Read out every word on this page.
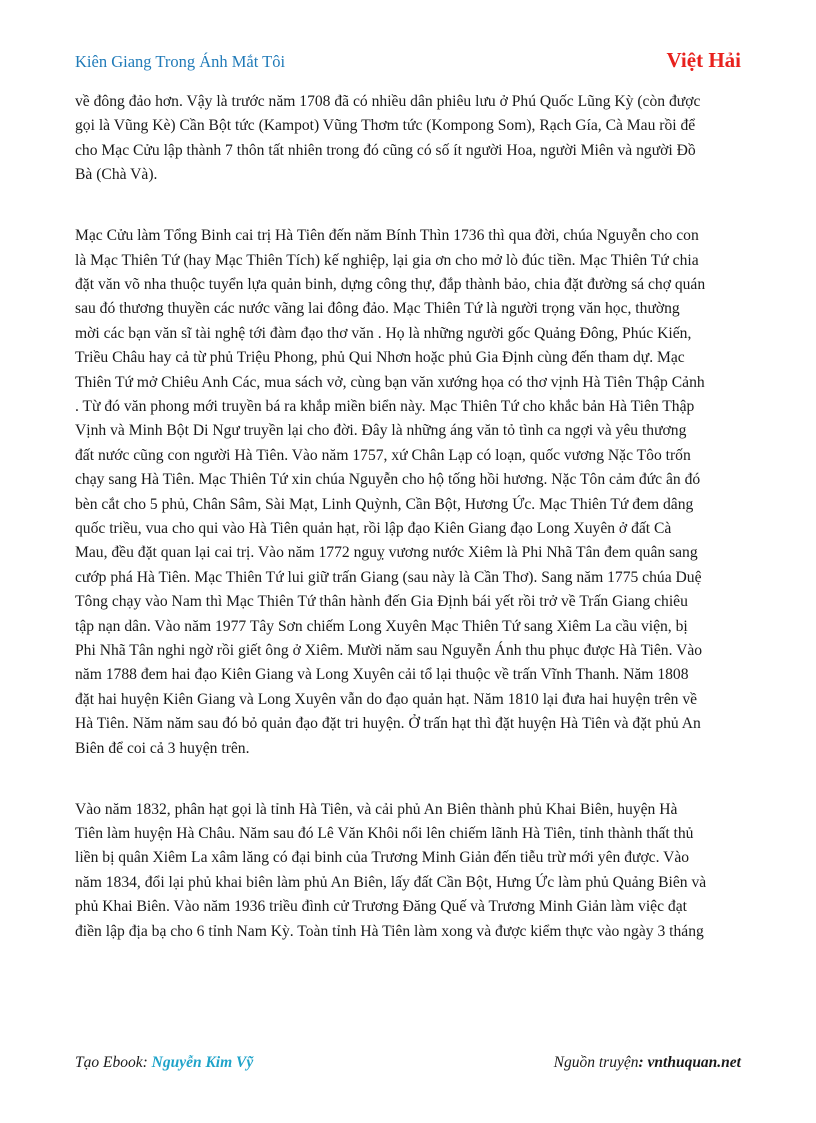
Kiên Giang Trong Ánh Mắt Tôi	Việt Hải

về đông đảo hơn. Vậy là trước năm 1708 đã có nhiều dân phiêu lưu ở Phú Quốc Lũng Kỳ (còn được
gọi là Vũng Kè) Cần Bột tức (Kampot) Vũng Thơm tức (Kompong Som), Rạch Gía, Cà Mau rồi để
cho Mạc Cửu lập thành 7 thôn tất nhiên trong đó cũng có số ít người Hoa, người Miên và người Đồ
Bà (Chà Và).

Mạc Cửu làm Tổng Binh cai trị Hà Tiên đến năm Bính Thìn 1736 thì qua đời, chúa Nguyễn cho con
là Mạc Thiên Tứ (hay Mạc Thiên Tích) kế nghiệp, lại gia ơn cho mở lò đúc tiền. Mạc Thiên Tứ chia
đặt văn võ nha thuộc tuyển lựa quản binh, dựng công thự, đắp thành bảo, chia đặt đường sá chợ quán
sau đó thương thuyền các nước vãng lai đông đảo. Mạc Thiên Tứ là người trọng văn học, thường
mời các bạn văn sĩ tài nghệ tới đàm đạo thơ văn . Họ là những người gốc Quảng Đông, Phúc Kiến,
Triều Châu hay cả từ phủ Triệu Phong, phủ Qui Nhơn hoặc phủ Gia Định cùng đến tham dự. Mạc
Thiên Tứ mở Chiêu Anh Các, mua sách vở, cùng bạn văn xướng họa có thơ vịnh Hà Tiên Thập Cảnh
. Từ đó văn phong mới truyền bá ra khắp miền biển này. Mạc Thiên Tứ cho khắc bản Hà Tiên Thập
Vịnh và Minh Bột Di Ngư truyền lại cho đời. Đây là những áng văn tỏ tình ca ngợi và yêu thương
đất nước cũng con người Hà Tiên. Vào năm 1757, xứ Chân Lạp có loạn, quốc vương Nặc Tôo trốn
chạy sang Hà Tiên. Mạc Thiên Tứ xin chúa Nguyễn cho hộ tống hồi hương. Nặc Tôn cảm đức ân đó
bèn cắt cho 5 phủ, Chân Sâm, Sài Mạt, Linh Quỳnh, Cần Bột, Hương Ức. Mạc Thiên Tứ đem dâng
quốc triều, vua cho qui vào Hà Tiên quản hạt, rồi lập đạo Kiên Giang đạo Long Xuyên ở đất Cà
Mau, đều đặt quan lại cai trị. Vào năm 1772 nguỵ vương nước Xiêm là Phi Nhã Tân đem quân sang
cướp phá Hà Tiên. Mạc Thiên Tứ lui giữ trấn Giang (sau này là Cần Thơ). Sang năm 1775 chúa Duệ
Tông chạy vào Nam thì Mạc Thiên Tứ thân hành đến Gia Định bái yết rồi trở về Trấn Giang chiêu
tập nạn dân. Vào năm 1977 Tây Sơn chiếm Long Xuyên Mạc Thiên Tứ sang Xiêm La cầu viện, bị
Phi Nhã Tân nghi ngờ rồi giết ông ở Xiêm. Mười năm sau Nguyễn Ánh thu phục được Hà Tiên. Vào
năm 1788 đem hai đạo Kiên Giang và Long Xuyên cải tổ lại thuộc về trấn Vĩnh Thanh. Năm 1808
đặt hai huyện Kiên Giang và Long Xuyên vẫn do đạo quản hạt. Năm 1810 lại đưa hai huyện trên về
Hà Tiên. Năm năm sau đó bỏ quản đạo đặt tri huyện. Ở trấn hạt thì đặt huyện Hà Tiên và đặt phủ An
Biên để coi cả 3 huyện trên.

Vào năm 1832, phân hạt gọi là tỉnh Hà Tiên, và cải phủ An Biên thành phủ Khai Biên, huyện Hà
Tiên làm huyện Hà Châu. Năm sau đó Lê Văn Khôi nổi lên chiếm lãnh Hà Tiên, tỉnh thành thất thủ
liền bị quân Xiêm La xâm lăng có đại binh của Trương Minh Giản đến tiễu trừ mới yên được. Vào
năm 1834, đổi lại phủ khai biên làm phủ An Biên, lấy đất Cần Bột, Hưng Ức làm phủ Quảng Biên và
phủ Khai Biên. Vào năm 1936 triều đình cử Trương Đăng Quế và Trương Minh Giản làm việc đạt
điền lập địa bạ cho 6 tỉnh Nam Kỳ. Toàn tỉnh Hà Tiên làm xong và được kiểm thực vào ngày 3 tháng

Tạo Ebook: Nguyễn Kim Vỹ	Nguồn truyện: vnthuquan.net
